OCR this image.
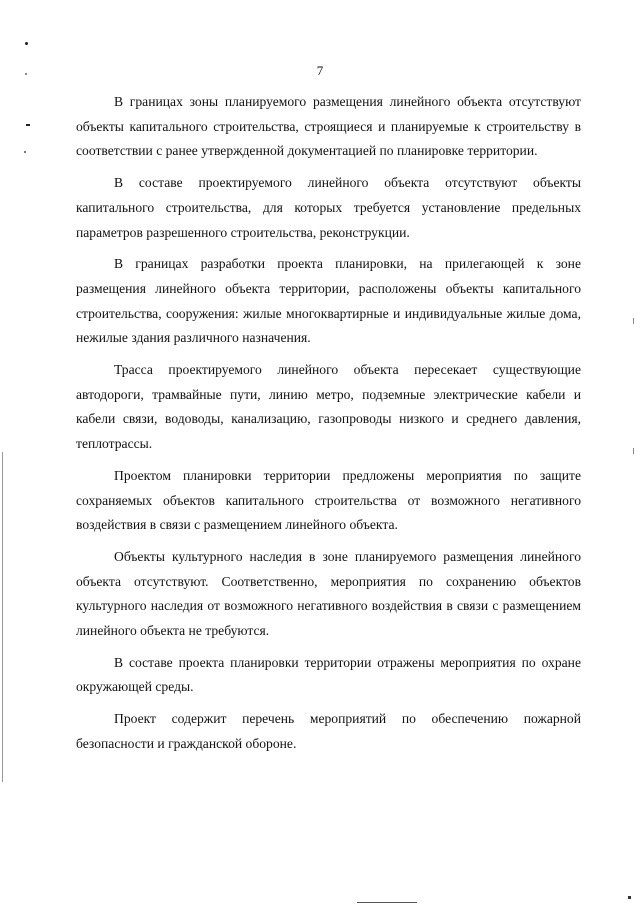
7

В границах зоны планируемого размещения линейного объекта отсутствуют объекты капитального строительства, строящиеся и планируемые к строительству в соответствии с ранее утвержденной документацией по планировке территории.

В составе проектируемого линейного объекта отсутствуют объекты капитального строительства, для которых требуется установление предельных параметров разрешенного строительства, реконструкции.

В границах разработки проекта планировки, на прилегающей к зоне размещения линейного объекта территории, расположены объекты капитального строительства, сооружения: жилые многоквартирные и индивидуальные жилые дома, нежилые здания различного назначения.

Трасса проектируемого линейного объекта пересекает существующие автодороги, трамвайные пути, линию метро, подземные электрические кабели и кабели связи, водоводы, канализацию, газопроводы низкого и среднего давления, теплотрассы.

Проектом планировки территории предложены мероприятия по защите сохраняемых объектов капитального строительства от возможного негативного воздействия в связи с размещением линейного объекта.

Объекты культурного наследия в зоне планируемого размещения линейного объекта отсутствуют. Соответственно, мероприятия по сохранению объектов культурного наследия от возможного негативного воздействия в связи с размещением линейного объекта не требуются.

В составе проекта планировки территории отражены мероприятия по охране окружающей среды.

Проект содержит перечень мероприятий по обеспечению пожарной безопасности и гражданской обороне.
